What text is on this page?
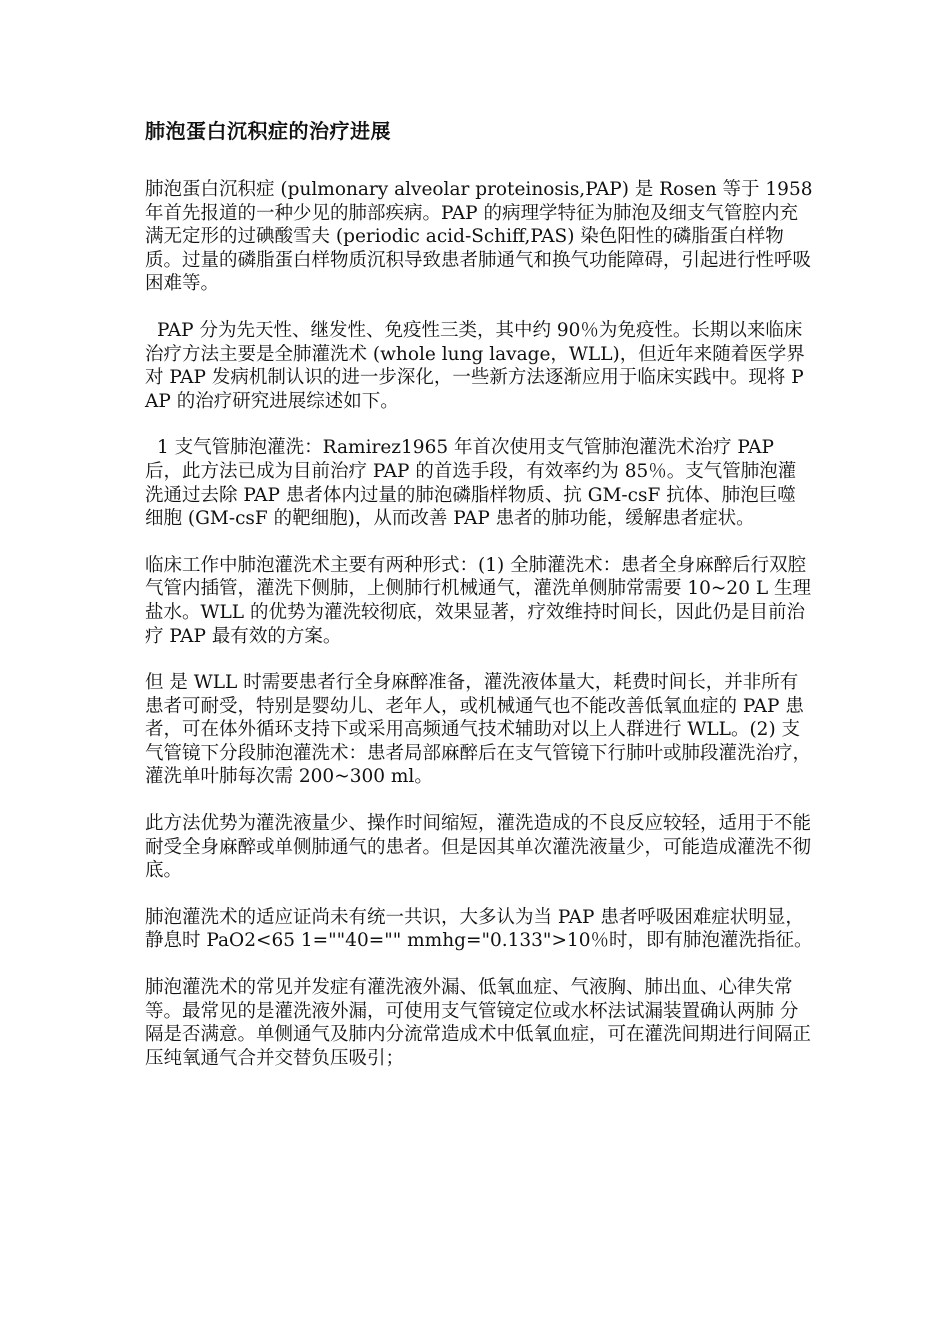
肺泡蛋白沉积症的治疗进展

肺泡蛋白沉积症 (pulmonary alveolar proteinosis,PAP) 是 Rosen 等于 1958 年首先报道的一种少见的肺部疾病。PAP 的病理学特征为肺泡及细支气管腔内充满无定形的过碘酸雪夫 (periodic acid-Schiff,PAS) 染色阳性的磷脂蛋白样物质。过量的磷脂蛋白样物质沉积导致患者肺通气和换气功能障碍，引起进行性呼吸困难等。

PAP 分为先天性、继发性、免疫性三类，其中约 90％为免疫性。长期以来临床治疗方法主要是全肺灌洗术 (whole lung lavage，WLL)，但近年来随着医学界对 PAP 发病机制认识的进一步深化，一些新方法逐渐应用于临床实践中。现将 PAP 的治疗研究进展综述如下。

1 支气管肺泡灌洗：Ramirez1965 年首次使用支气管肺泡灌洗术治疗 PAP 后，此方法已成为目前治疗 PAP 的首选手段，有效率约为 85％。支气管肺泡灌洗通过去除 PAP 患者体内过量的肺泡磷脂样物质、抗 GM-csF 抗体、肺泡巨噬细胞 (GM-csF 的靶细胞)，从而改善 PAP 患者的肺功能，缓解患者症状。

临床工作中肺泡灌洗术主要有两种形式：(1) 全肺灌洗术：患者全身麻醉后行双腔气管内插管，灌洗下侧肺，上侧肺行机械通气，灌洗单侧肺常需要 10~20 L 生理盐水。WLL 的优势为灌洗较彻底，效果显著，疗效维持时间长，因此仍是目前治疗 PAP 最有效的方案。

但 是 WLL 时需要患者行全身麻醉准备，灌洗液体量大，耗费时间长，并非所有患者可耐受，特别是婴幼儿、老年人，或机械通气也不能改善低氧血症的 PAP 患者，可在体外循环支持下或采用高频通气技术辅助对以上人群进行 WLL。(2) 支气管镜下分段肺泡灌洗术：患者局部麻醉后在支气管镜下行肺叶或肺段灌洗治疗，灌洗单叶肺每次需 200~300 ml。

此方法优势为灌洗液量少、操作时间缩短，灌洗造成的不良反应较轻，适用于不能耐受全身麻醉或单侧肺通气的患者。但是因其单次灌洗液量少，可能造成灌洗不彻底。

肺泡灌洗术的适应证尚未有统一共识，大多认为当 PAP 患者呼吸困难症状明显，静息时 PaO2<65 1=""40="" mmhg="0.133">10％时，即有肺泡灌洗指征。

肺泡灌洗术的常见并发症有灌洗液外漏、低氧血症、气液胸、肺出血、心律失常等。最常见的是灌洗液外漏，可使用支气管镜定位或水杯法试漏装置确认两肺 分隔是否满意。单侧通气及肺内分流常造成术中低氧血症，可在灌洗间期进行间隔正压纯氧通气合并交替负压吸引；
